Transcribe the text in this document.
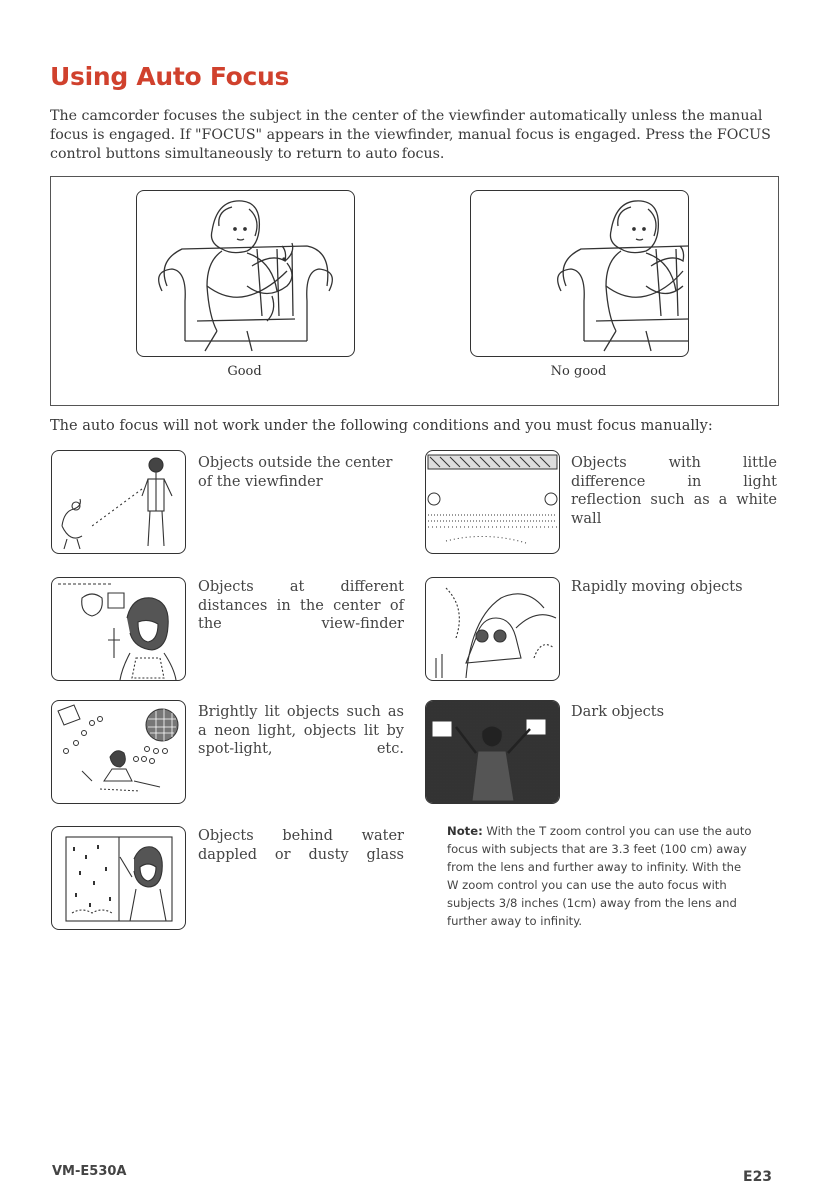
Using Auto Focus
The camcorder focuses the subject in the center of the viewfinder automatically unless the manual focus is engaged. If "FOCUS" appears in the viewfinder, manual focus is engaged. Press the FOCUS control buttons simultaneously to return to auto focus.
Good	No good
The auto focus will not work under the following conditions and you must focus manually:
Objects outside the center of the viewfinder
Objects with little difference in light reflection such as a white wall
Objects at different distances in the center of the view-finder
Rapidly moving objects
Brightly lit objects such as a neon light, objects lit by spot-light, etc.
Dark objects
Objects behind water dappled or dusty glass
Note: With the T zoom control you can use the auto focus with subjects that are 3.3 feet (100 cm) away from the lens and further away to infinity. With the W zoom control you can use the auto focus with subjects 3/8 inches (1cm) away from the lens and further away to infinity.
VM-E530A	E23
